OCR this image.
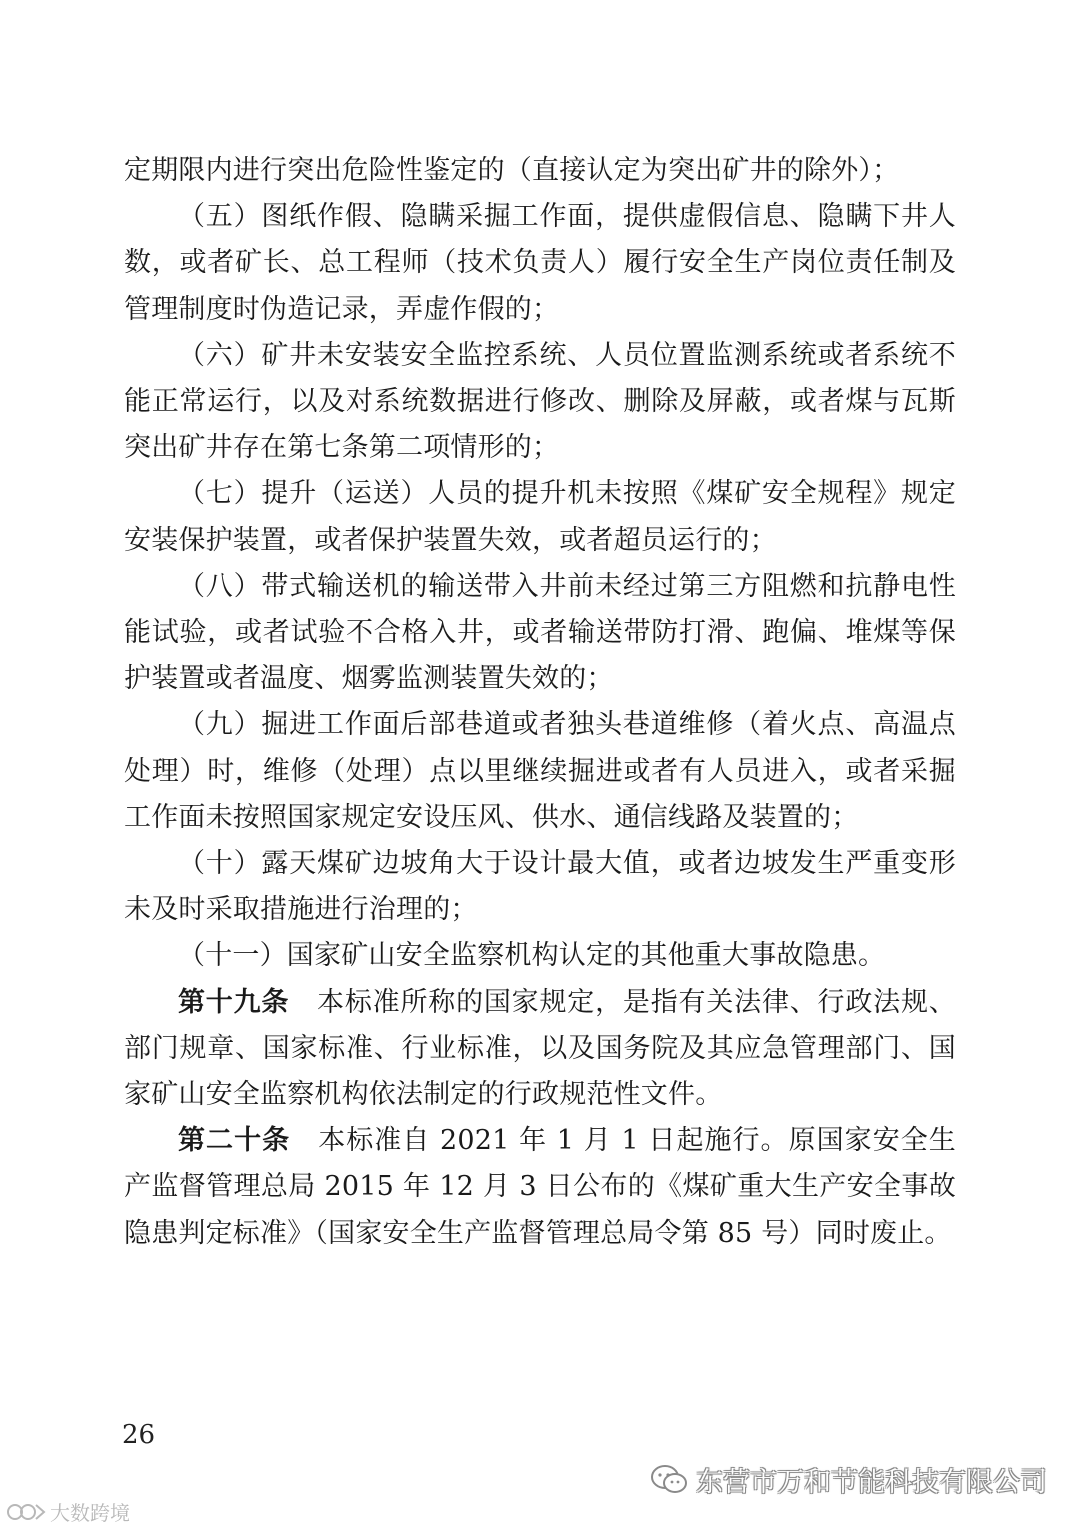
定期限内进行突出危险性鉴定的（直接认定为突出矿井的除外）；

（五）图纸作假、隐瞒采掘工作面，提供虚假信息、隐瞒下井人数，或者矿长、总工程师（技术负责人）履行安全生产岗位责任制及管理制度时伪造记录，弄虚作假的；

（六）矿井未安装安全监控系统、人员位置监测系统或者系统不能正常运行，以及对系统数据进行修改、删除及屏蔽，或者煤与瓦斯突出矿井存在第七条第二项情形的；

（七）提升（运送）人员的提升机未按照《煤矿安全规程》规定安装保护装置，或者保护装置失效，或者超员运行的；

（八）带式输送机的输送带入井前未经过第三方阻燃和抗静电性能试验，或者试验不合格入井，或者输送带防打滑、跑偏、堆煤等保护装置或者温度、烟雾监测装置失效的；

（九）掘进工作面后部巷道或者独头巷道维修（着火点、高温点处理）时，维修（处理）点以里继续掘进或者有人员进入，或者采掘工作面未按照国家规定安设压风、供水、通信线路及装置的；

（十）露天煤矿边坡角大于设计最大值，或者边坡发生严重变形未及时采取措施进行治理的；

（十一）国家矿山安全监察机构认定的其他重大事故隐患。

第十九条　本标准所称的国家规定，是指有关法律、行政法规、部门规章、国家标准、行业标准，以及国务院及其应急管理部门、国家矿山安全监察机构依法制定的行政规范性文件。

第二十条　本标准自 2021 年 1 月 1 日起施行。原国家安全生产监督管理总局 2015 年 12 月 3 日公布的《煤矿重大生产安全事故隐患判定标准》（国家安全生产监督管理总局令第 85 号）同时废止。

26
东营市万和节能科技有限公司
大数跨境
